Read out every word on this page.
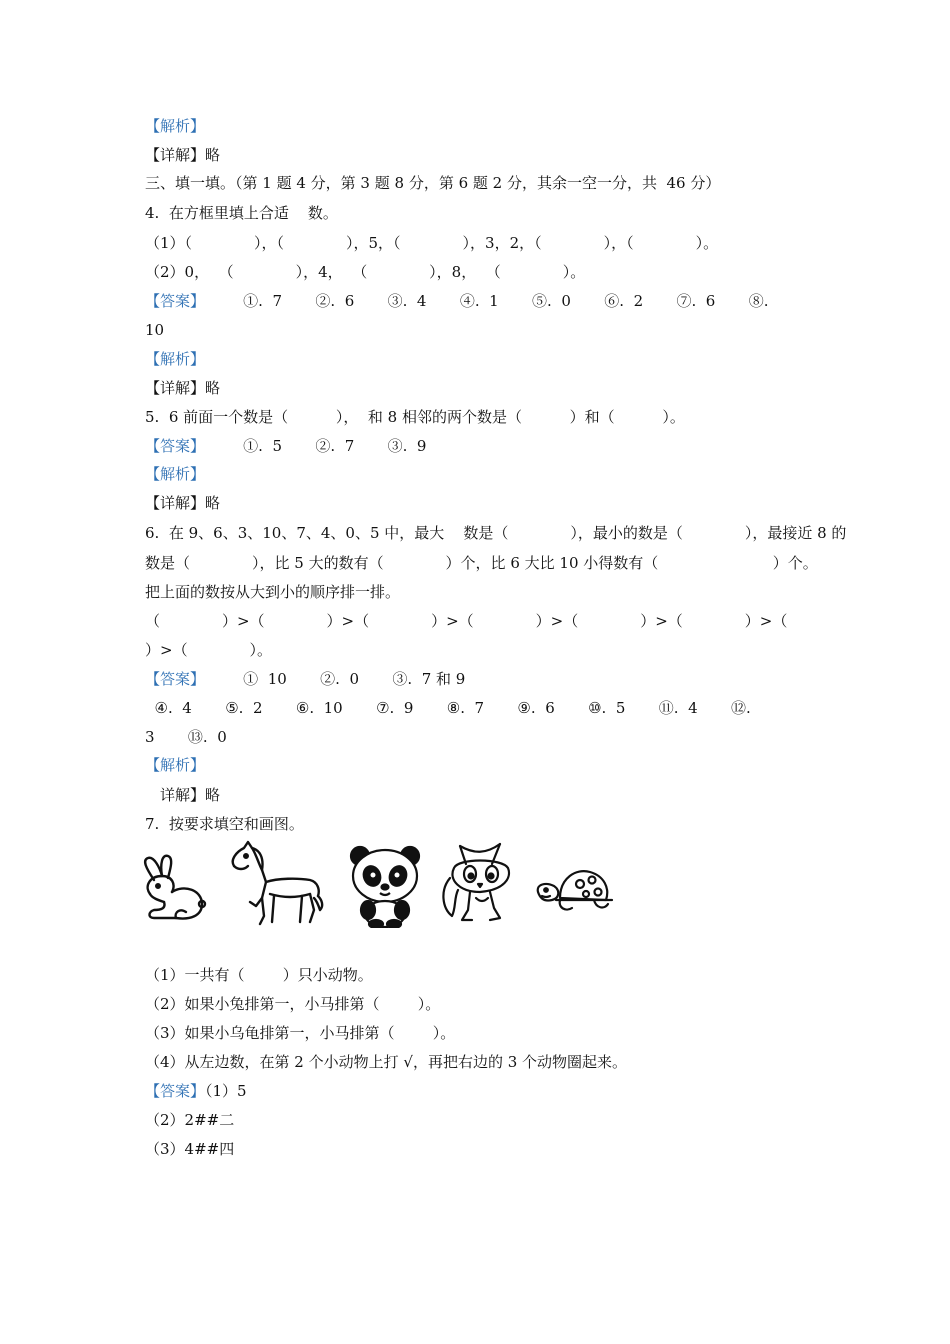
【解析】
【详解】略
三、填一填。（第 1 题 4 分，第 3 题 8 分，第 6 题 2 分，其余一空一分，共  46 分）
4.  在方框里填上合适    数。
（1）（             ），（             ），5，（             ），3，2，（             ），（             ）。
（2）0，  （             ），4，  （             ），8，  （             ）。
【答案】        ①.  7       ②.  6       ③.  4       ④.  1       ⑤.  0       ⑥.  2       ⑦.  6       ⑧.
10
【解析】
【详解】略
5.  6 前面一个数是（          ），  和 8 相邻的两个数是（          ）和（          ）。
【答案】        ①.  5       ②.  7       ③.  9
【解析】
【详解】略
6.  在 9、6、3、10、7、4、0、5 中，最大    数是（             ），最小的数是（             ），最接近 8 的
数是（             ），比 5 大的数有（             ）个，比 6 大比 10 小得数有（                        ）个。
把上面的数按从大到小的顺序排一排。
（             ）>（             ）>（             ）>（             ）>（             ）>（             ）>（
）>（             ）。
【答案】        ①  10       ②.  0       ③.  7 和 9
④.  4       ⑤.  2       ⑥.  10       ⑦.  9       ⑧.  7       ⑨.  6       ⑩.  5       ⑪.  4       ⑫.
3       ⑬.  0
【解析】
详解】略
7.  按要求填空和画图。
（1）一共有（        ）只小动物。
（2）如果小兔排第一，小马排第（        ）。
（3）如果小乌龟排第一，小马排第（        ）。
（4）从左边数，在第 2 个小动物上打 √，再把右边的 3 个动物圈起来。
【答案】（1）5
（2）2##二
（3）4##四
